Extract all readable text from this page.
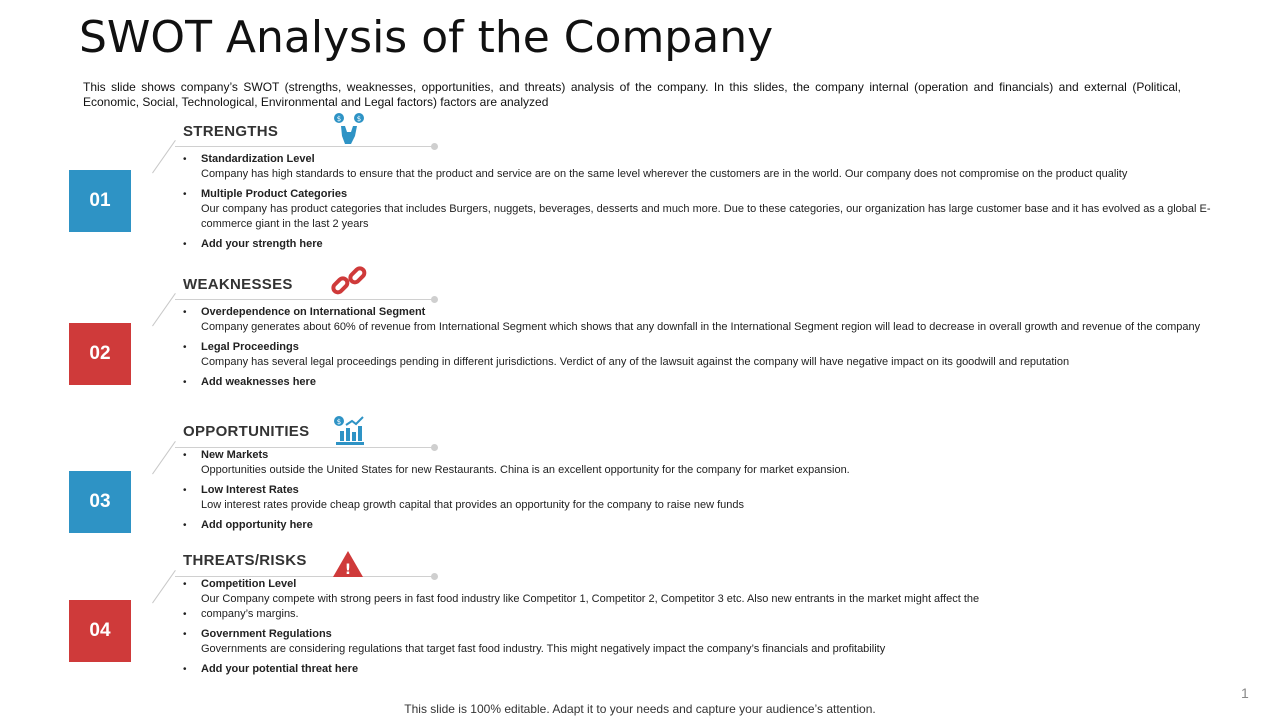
SWOT Analysis of the Company
This slide shows company’s SWOT (strengths, weaknesses, opportunities, and threats) analysis of the company. In this slides, the company internal (operation and financials) and external (Political, Economic, Social, Technological, Environmental and Legal factors) factors are analyzed
01
STRENGTHS
$ $
• Standardization Level
Company has high standards to ensure that the product and service are on the same level wherever the customers are in the world. Our company does not compromise on the product quality
• Multiple Product Categories
Our company has product categories that includes Burgers, nuggets, beverages, desserts and much more. Due to these categories, our organization has large customer base and it has evolved as a global E-commerce giant in the last 2 years
• Add your strength here
02
WEAKNESSES
• Overdependence on International Segment
Company generates about 60% of revenue from International Segment which shows that any downfall in the International Segment region will lead to decrease in overall growth and revenue of the company
• Legal Proceedings
Company has several legal proceedings pending in different jurisdictions. Verdict of any of the lawsuit against the company will have negative impact on its goodwill and reputation
• Add weaknesses here
03
OPPORTUNITIES
$
• New Markets
Opportunities outside the United States for new Restaurants. China is an excellent opportunity for the company for market expansion.
• Low Interest Rates
Low interest rates provide cheap growth capital that provides an opportunity for the company to raise new funds
• Add opportunity here
04
THREATS/RISKS
!
• Competition Level
Our Company compete with strong peers in fast food industry like Competitor 1, Competitor 2, Competitor 3 etc. Also new entrants in the market might affect the
• company’s margins.
• Government Regulations
Governments are considering regulations that target fast food industry. This might negatively impact the company’s financials and profitability
• Add your potential threat here
1
This slide is 100% editable. Adapt it to your needs and capture your audience’s attention.
